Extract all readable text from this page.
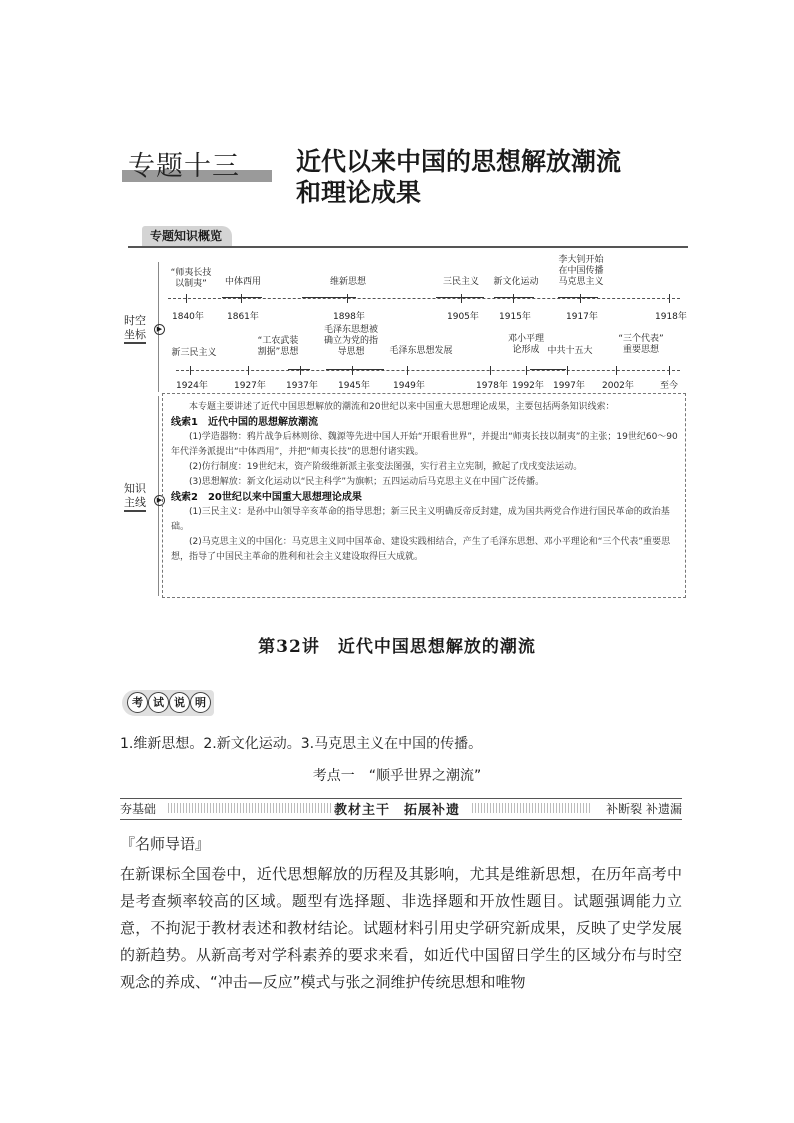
专题十三 近代以来中国的思想解放潮流
和理论成果
专题知识概览
时空
坐标	▶
知识
主线	▶
“师夷长技
以制夷”	中体西用	维新思想	三民主义	新文化运动
李大钊开始
在中国传播
马克思主义
1840年	1861年	1898年	1905年 1915年	1917年	1918年
新三民主义
“工农武装
割据”思想
毛泽东思想被
确立为党的指
导思想	毛泽东思想发展
邓小平理
论形成 中共十五大
“三个代表”
重要思想
1924年	1927年 1937年 1945年	1949年	1978年 1992年 1997年 2002年	至今

本专题主要讲述了近代中国思想解放的潮流和20世纪以来中国重大思想理论成果，主要包括两条知识线索：

线索1　近代中国的思想解放潮流

(1)学造器物：鸦片战争后林则徐、魏源等先进中国人开始“开眼看世界”，并提出“师夷长技以制夷”的主张；19世纪60～90年代洋务派提出“中体西用”，并把“师夷长技”的思想付诸实践。

(2)仿行制度：19世纪末，资产阶级维新派主张变法图强，实行君主立宪制，掀起了戊戌变法运动。

(3)思想解放：新文化运动以“民主科学”为旗帜；五四运动后马克思主义在中国广泛传播。

线索2　20世纪以来中国重大思想理论成果

(1)三民主义：是孙中山领导辛亥革命的指导思想；新三民主义明确反帝反封建，成为国共两党合作进行国民革命的政治基础。

(2)马克思主义的中国化：马克思主义同中国革命、建设实践相结合，产生了毛泽东思想、邓小平理论和“三个代表”重要思想，指导了中国民主革命的胜利和社会主义建设取得巨大成就。

第32讲　近代中国思想解放的潮流
考 试 说 明
1.维新思想。2.新文化运动。3.马克思主义在中国的传播。
考点一　“顺乎世界之潮流”
夯基础	教材主干　拓展补遗	补断裂 补遗漏
『名师导语』
在新课标全国卷中，近代思想解放的历程及其影响，尤其是维新思想，在历年高考中是考查频率较高的区域。题型有选择题、非选择题和开放性题目。试题强调能力立意，不拘泥于教材表述和教材结论。试题材料引用史学研究新成果，反映了史学发展的新趋势。从新高考对学科素养的要求来看，如近代中国留日学生的区域分布与时空观念的养成、“冲击—反应”模式与张之洞维护传统思想和唯物
